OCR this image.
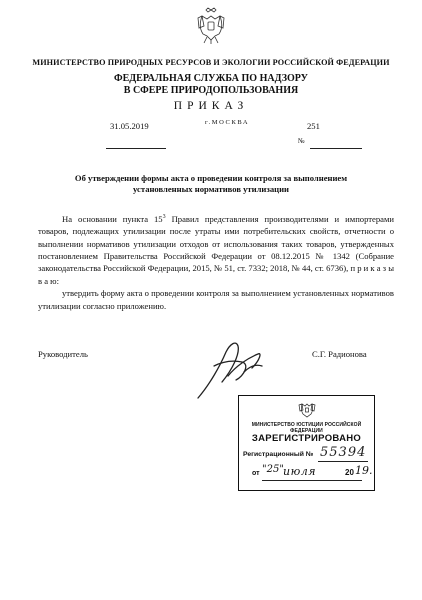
МИНИСТЕРСТВО ПРИРОДНЫХ РЕСУРСОВ И ЭКОЛОГИИ РОССИЙСКОЙ ФЕДЕРАЦИИ
ФЕДЕРАЛЬНАЯ СЛУЖБА ПО НАДЗОРУ
В СФЕРЕ ПРИРОДОПОЛЬЗОВАНИЯ
ПРИКАЗ
31.05.2019	г.МОСКВА	251
№
Об утверждении формы акта о проведении контроля за выполнением
установленных нормативов утилизации

На основании пункта $15^3$ Правил представления производителями и импортерами товаров, подлежащих утилизации после утраты ими потребительских свойств, отчетности о выполнении нормативов утилизации отходов от использования таких товаров, утвержденных постановлением Правительства Российской Федерации от 08.12.2015 № 1342 (Собрание законодательства Российской Федерации, 2015, № 51, ст. 7332; 2018, № 44, ст. 6736), п р и к а з ы в а ю:

утвердить форму акта о проведении контроля за выполнением установленных нормативов утилизации согласно приложению.

Руководитель	С.Г. Радионова
МИНИСТЕРСТВО ЮСТИЦИИ РОССИЙСКОЙ ФЕДЕРАЦИИ
ЗАРЕГИСТРИРОВАНО
Регистрационный № 55394
от "25" июля	20 19.
